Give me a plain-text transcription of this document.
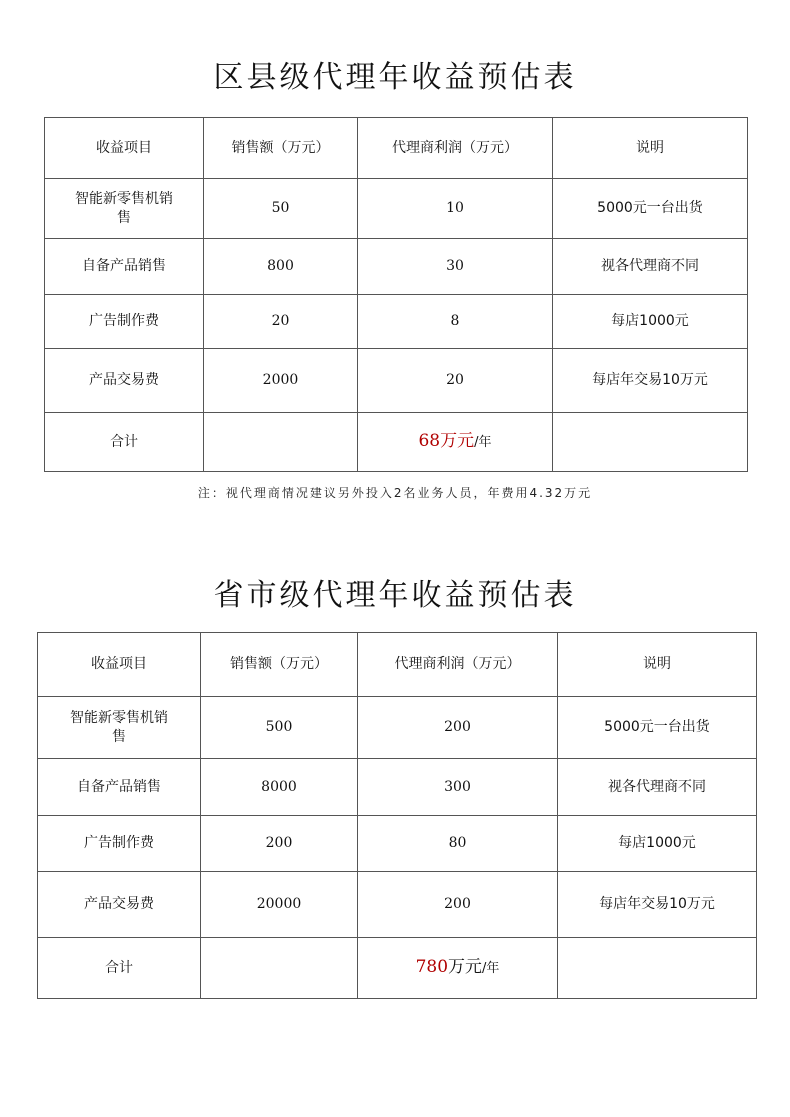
区县级代理年收益预估表
收益项目	销售额（万元）	代理商利润（万元）	说明
智能新零售机销售	50	10	5000元一台出货
自备产品销售	800	30	视各代理商不同
广告制作费	20	8	每店1000元
产品交易费	2000	20	每店年交易10万元
合计		68万元/年	
注：视代理商情况建议另外投入2名业务人员，年费用4.32万元
省市级代理年收益预估表
收益项目	销售额（万元）	代理商利润（万元）	说明
智能新零售机销售	500	200	5000元一台出货
自备产品销售	8000	300	视各代理商不同
广告制作费	200	80	每店1000元
产品交易费	20000	200	每店年交易10万元
合计		780万元/年	
